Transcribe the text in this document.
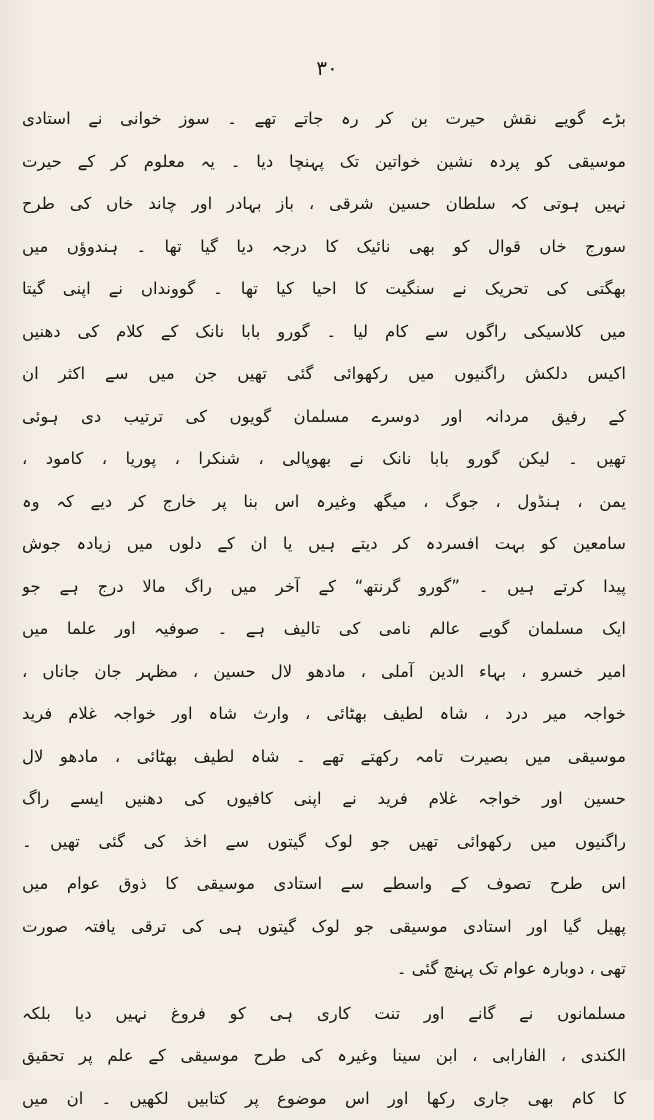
٣٠
بڑے گویے نقش حیرت بن کر رہ جاتے تھے ۔ سوز خوانی نے استادی
موسیقی کو پردہ نشین خواتین تک پہنچا دیا ۔ یہ معلوم کر کے حیرت
نہیں ہوتی کہ سلطان حسین شرقی ، باز بہادر اور چاند خاں کی طرح
سورج خاں قوال کو بھی نائیک کا درجہ دیا گیا تھا ۔ ہندوؤں میں
بھگتی کی تحریک نے سنگیت کا احیا کیا تھا ۔ گوونداں نے اپنی گیتا
میں کلاسیکی راگوں سے کام لیا ۔ گورو بابا نانک کے کلام کی دھنیں
اکیس دلکش راگنیوں میں رکھوائی گئی تھیں جن میں سے اکثر ان
کے رفیق مردانہ اور دوسرے مسلمان گویوں کی ترتیب دی ہوئی
تھیں ۔ لیکن گورو بابا نانک نے بھوپالی ، شنکرا ، پوریا ، کامود ،
یمن ، ہنڈول ، جوگ ، میگھ وغیرہ اس بنا پر خارج کر دیے کہ وہ
سامعین کو بہت افسردہ کر دیتے ہیں یا ان کے دلوں میں زیادہ جوش
پیدا کرتے ہیں ۔ ”گورو گرنتھ“ کے آخر میں راگ مالا درج ہے جو
ایک مسلمان گویے عالم نامی کی تالیف ہے ۔ صوفیہ اور علما میں
امیر خسرو ، بہاء الدین آملی ، مادھو لال حسین ، مظہر جان جاناں ،
خواجہ میر درد ، شاہ لطیف بھٹائی ، وارث شاہ اور خواجہ غلام فرید
موسیقی میں بصیرت تامہ رکھتے تھے ۔ شاہ لطیف بھٹائی ، مادھو لال
حسین اور خواجہ غلام فرید نے اپنی کافیوں کی دھنیں ایسے راگ
راگنیوں میں رکھوائی تھیں جو لوک گیتوں سے اخذ کی گئی تھیں ۔
اس طرح تصوف کے واسطے سے استادی موسیقی کا ذوق عوام میں
پھیل گیا اور استادی موسیقی جو لوک گیتوں ہی کی ترقی یافتہ صورت
تھی ، دوبارہ عوام تک پہنچ گئی ۔
مسلمانوں نے گانے اور تنت کاری ہی کو فروغ نہیں دیا بلکہ
الکندی ، الفارابی ، ابن سینا وغیرہ کی طرح موسیقی کے علم پر تحقیق
کا کام بھی جاری رکھا اور اس موضوع پر کتابیں لکھیں ۔ ان میں
